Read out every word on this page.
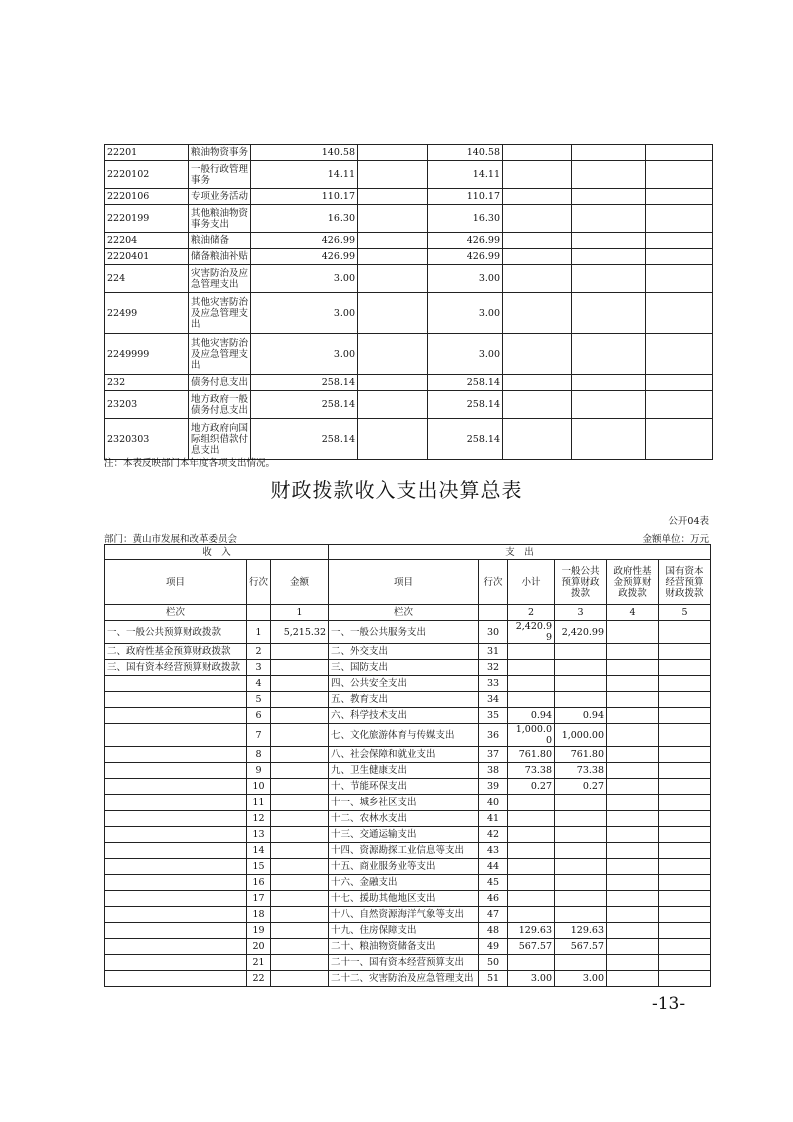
22201	粮油物资事务	140.58		140.58			
2220102	一般行政管理事务	14.11		14.11			
2220106	专项业务活动	110.17		110.17			
2220199	其他粮油物资事务支出	16.30		16.30			
22204	粮油储备	426.99		426.99			
2220401	储备粮油补贴	426.99		426.99			
224	灾害防治及应急管理支出	3.00		3.00			
22499	其他灾害防治及应急管理支出	3.00		3.00			
2249999	其他灾害防治及应急管理支出	3.00		3.00			
232	债务付息支出	258.14		258.14			
23203	地方政府一般债务付息支出	258.14		258.14			
2320303	地方政府向国际组织借款付息支出	258.14		258.14			
注：本表反映部门本年度各项支出情况。
财政拨款收入支出决算总表
公开04表
部门：黄山市发展和改革委员会	金额单位：万元
收　入			支　出					
项目	行次	金额	项目	行次	小计	一般公共预算财政拨款	政府性基金预算财政拨款	国有资本经营预算财政拨款
栏次		1	栏次		2	3	4	5
一、一般公共预算财政拨款	1	5,215.32	一、一般公共服务支出	30	2,420.99	2,420.99		
二、政府性基金预算财政拨款	2		二、外交支出	31				
三、国有资本经营预算财政拨款	3		三、国防支出	32				
	4		四、公共安全支出	33				
	5		五、教育支出	34				
	6		六、科学技术支出	35	0.94	0.94		
	7		七、文化旅游体育与传媒支出	36	1,000.00	1,000.00		
	8		八、社会保障和就业支出	37	761.80	761.80		
	9		九、卫生健康支出	38	73.38	73.38		
	10		十、节能环保支出	39	0.27	0.27		
	11		十一、城乡社区支出	40				
	12		十二、农林水支出	41				
	13		十三、交通运输支出	42				
	14		十四、资源勘探工业信息等支出	43				
	15		十五、商业服务业等支出	44				
	16		十六、金融支出	45				
	17		十七、援助其他地区支出	46				
	18		十八、自然资源海洋气象等支出	47				
	19		十九、住房保障支出	48	129.63	129.63		
	20		二十、粮油物资储备支出	49	567.57	567.57		
	21		二十一、国有资本经营预算支出	50				
	22		二十二、灾害防治及应急管理支出	51	3.00	3.00		
-13-
